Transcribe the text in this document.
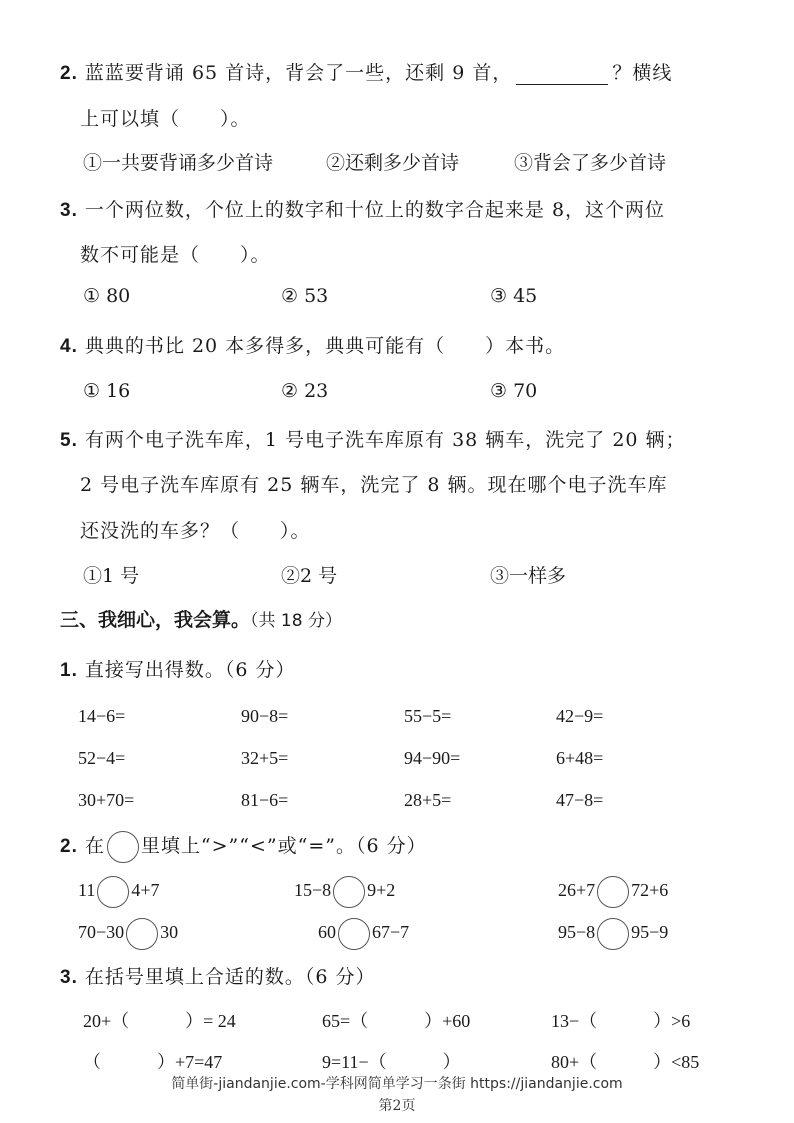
2. 蓝蓝要背诵 65 首诗，背会了一些，还剩 9 首，	？横线
上可以填（　　）。
①一共要背诵多少首诗	②还剩多少首诗	③背会了多少首诗
3. 一个两位数，个位上的数字和十位上的数字合起来是 8，这个两位
数不可能是（　　）。
① 80	② 53	③ 45
4. 典典的书比 20 本多得多，典典可能有（　　）本书。
① 16	② 23	③ 70
5. 有两个电子洗车库，1 号电子洗车库原有 38 辆车，洗完了 20 辆；
2 号电子洗车库原有 25 辆车，洗完了 8 辆。现在哪个电子洗车库
还没洗的车多？（　　）。
①1 号	②2 号	③一样多
三、我细心，我会算。（共 18 分）
1. 直接写出得数。（6 分）
14−6=	90−8=	55−5=	42−9=
52−4=	32+5=	94−90=	6+48=
30+70=	81−6=	28+5=	47−8=
2. 在 里填上“>”“<”或“=”。（6 分）
11 4+7	15−8 9+2	26+7 72+6
70−30 30	60 67−7	95−8 95−9
3. 在括号里填上合适的数。（6 分）
20+（	）= 24	65=（	）+60	13−（	）>6
（	）+7=47	9=11−（	）	80+（	）<85
简单街-jiandanjie.com-学科网简单学习一条街 https://jiandanjie.com
第2页
